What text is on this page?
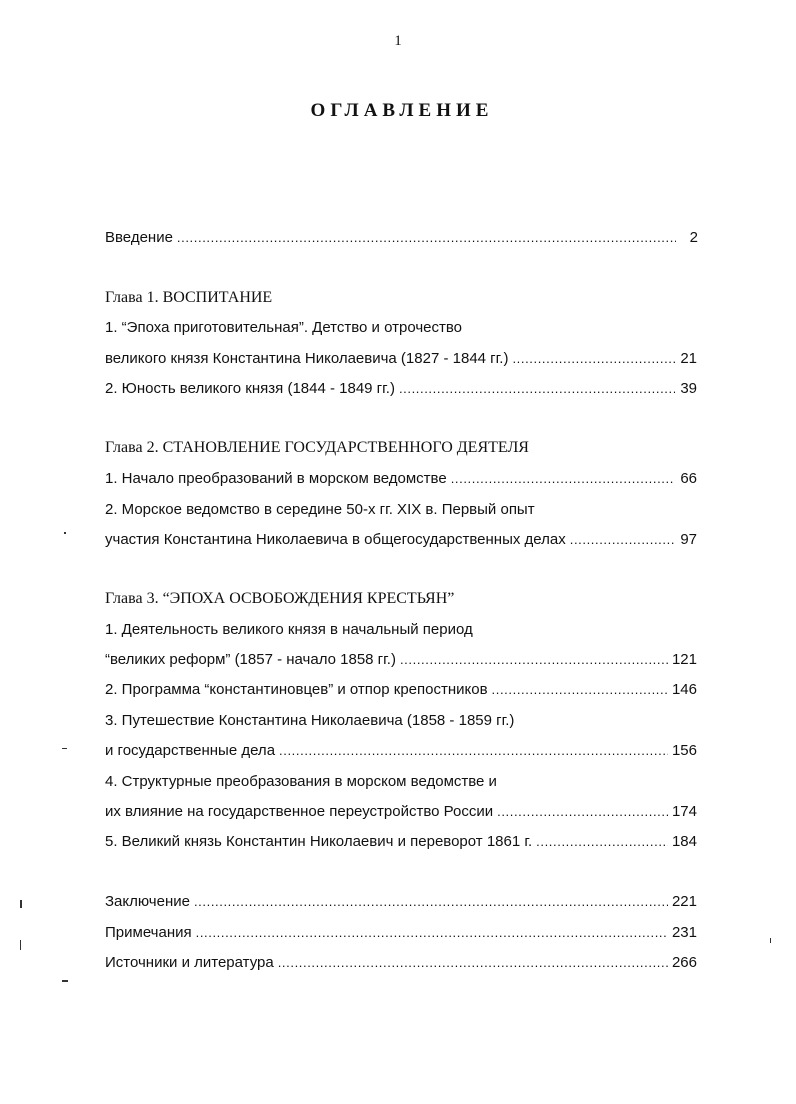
1
ОГЛАВЛЕНИЕ
Введение .....	2
Глава 1. ВОСПИТАНИЕ
1. “Эпоха приготовительная”. Детство и отрочество
великого князя Константина Николаевича (1827 - 1844 гг.) .....	21
2. Юность великого князя (1844 - 1849 гг.) .....	39
Глава 2. СТАНОВЛЕНИЕ ГОСУДАРСТВЕННОГО ДЕЯТЕЛЯ
1. Начало преобразований в морском ведомстве .....	66
2. Морское ведомство в середине 50-х гг. XIX в. Первый опыт
участия Константина Николаевича в общегосударственных делах .....	97
Глава 3. “ЭПОХА ОСВОБОЖДЕНИЯ КРЕСТЬЯН”
1. Деятельность великого князя в начальный период
“великих реформ” (1857 - начало 1858 гг.) .....	121
2. Программа “константиновцев” и отпор крепостников .....	146
3. Путешествие Константина Николаевича (1858 - 1859 гг.)
и государственные дела .....	156
4. Структурные преобразования в морском ведомстве и
их влияние на государственное переустройство России .....	174
5. Великий князь Константин Николаевич и переворот 1861 г. .....	184
Заключение .....	221
Примечания .....	231
Источники и литература .....	266
